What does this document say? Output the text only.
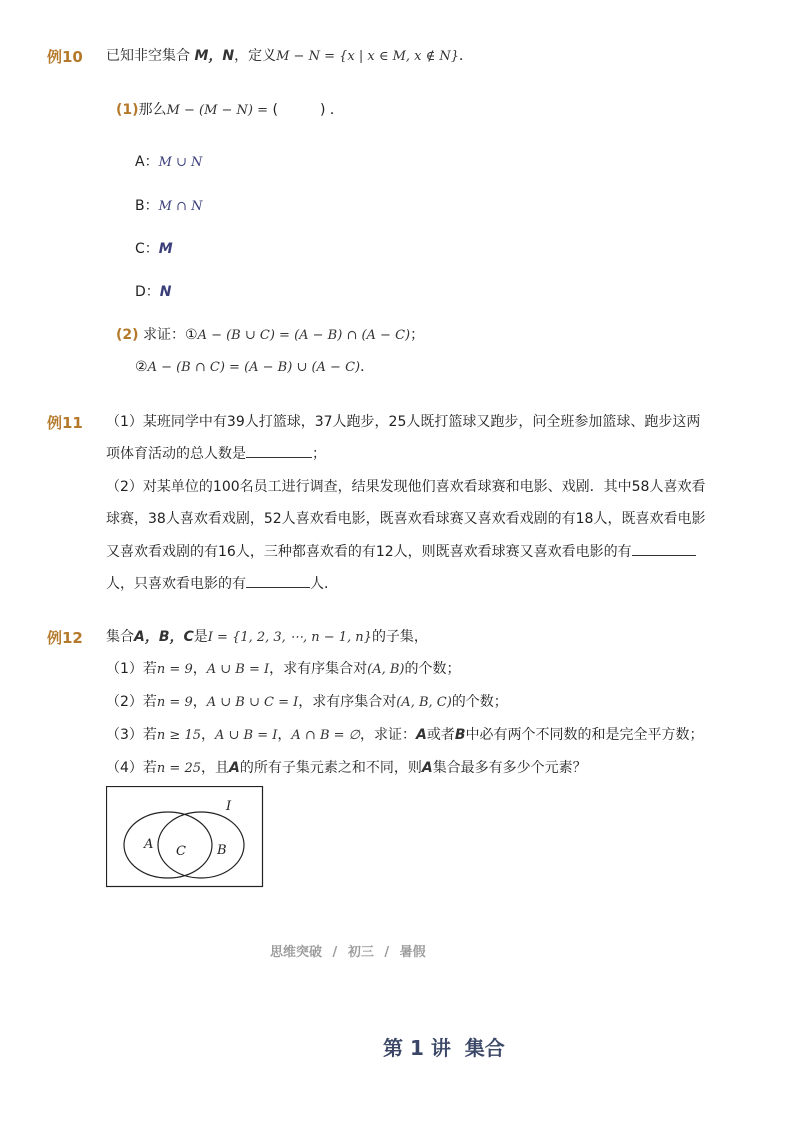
例10 已知非空集合 M，N，定义M − N = {x | x ∈ M, x ∉ N}．
(1)那么M − (M − N) = (　　　) ．
A：M ∪ N
B：M ∩ N
C：M
D：N
(2) 求证：①A − (B ∪ C) = (A − B) ∩ (A − C)；
②A − (B ∩ C) = (A − B) ∪ (A − C)．
例11 （1）某班同学中有39人打篮球，37人跑步，25人既打篮球又跑步，问全班参加篮球、跑步这两
项体育活动的总人数是	；
（2）对某单位的100名员工进行调查，结果发现他们喜欢看球赛和电影、戏剧．其中58人喜欢看
球赛，38人喜欢看戏剧，52人喜欢看电影，既喜欢看球赛又喜欢看戏剧的有18人，既喜欢看电影
又喜欢看戏剧的有16人，三种都喜欢看的有12人，则既喜欢看球赛又喜欢看电影的有
人，只喜欢看电影的有	人．
例12 集合A，B，C是I = {1, 2, 3, ⋯, n − 1, n}的子集，
（1）若n = 9，A ∪ B = I，求有序集合对(A, B)的个数；
（2）若n = 9，A ∪ B ∪ C = I，求有序集合对(A, B, C)的个数；
（3）若n ≥ 15，A ∪ B = I，A ∩ B = ∅，求证：A或者B中必有两个不同数的和是完全平方数；
（4）若n = 25，且A的所有子集元素之和不同，则A集合最多有多少个元素？
I
A C B
思维突破 / 初三 / 暑假
第 1 讲  集合
